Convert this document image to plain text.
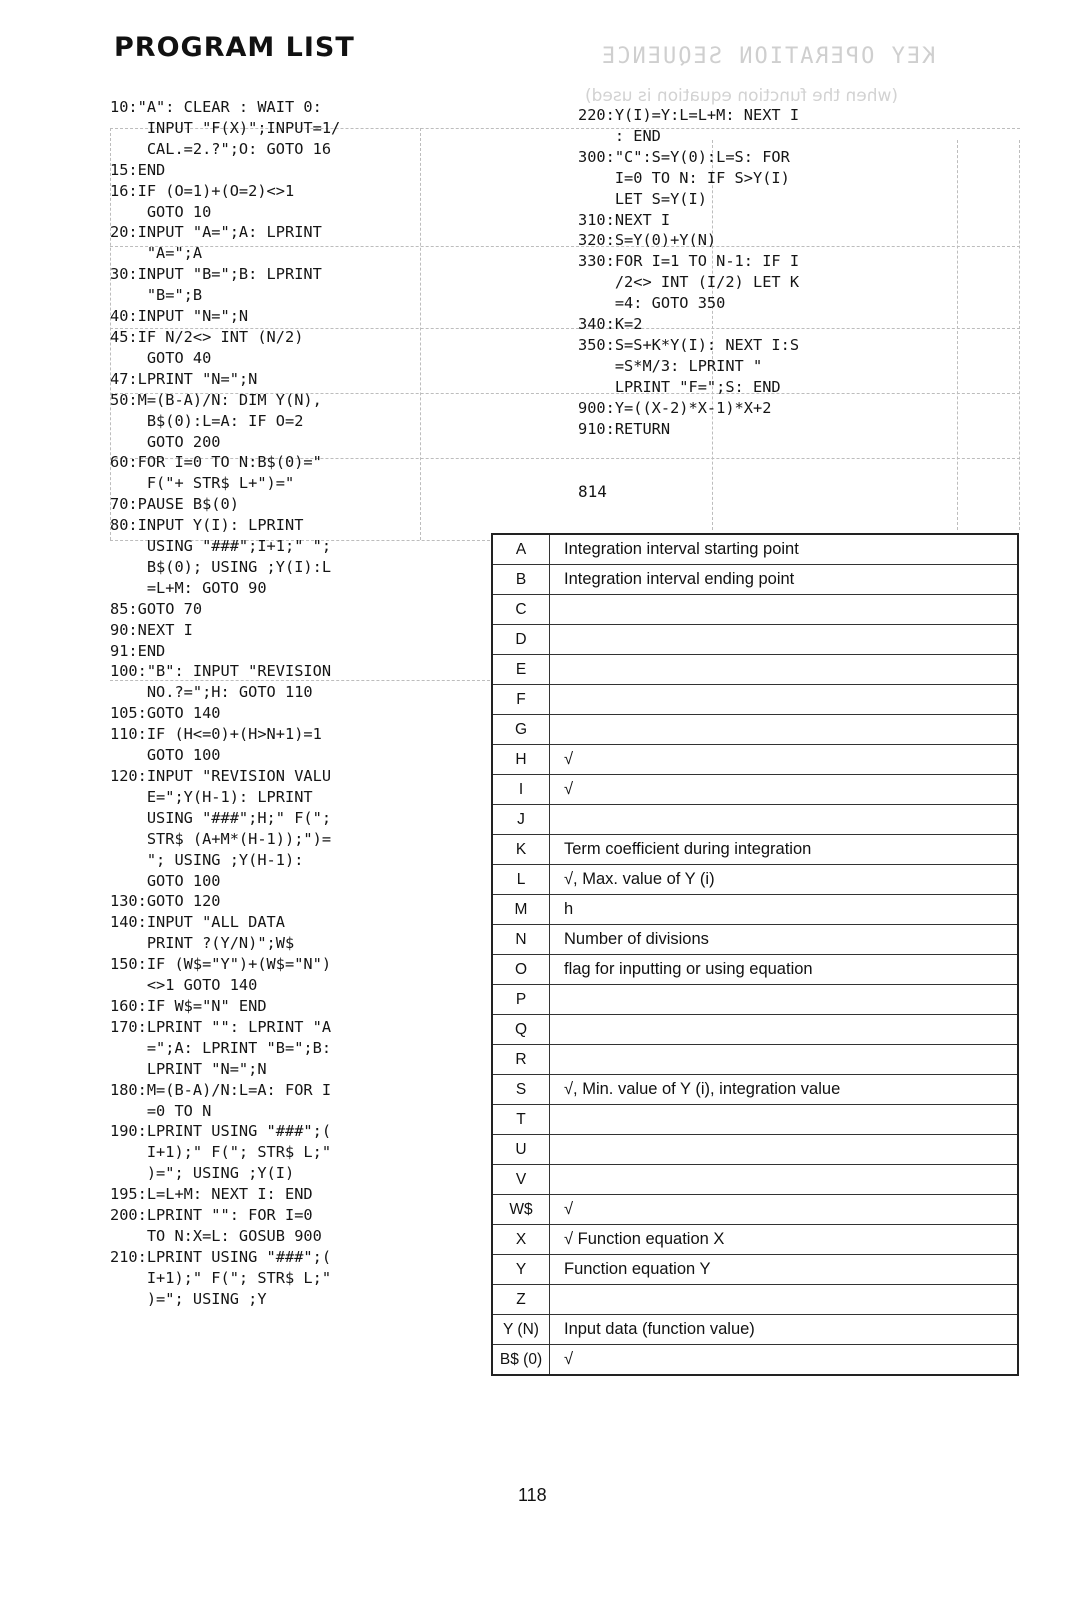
PROGRAM LIST	KEY OPERATION SEQUENCE
(when the function equation is used)
10:"A": CLEAR : WAIT 0:
INPUT "F(X)";INPUT=1/
CAL.=2.?";O: GOTO 16
15:END
16:IF (O=1)+(O=2)<>1
GOTO 10
20:INPUT "A=";A: LPRINT
"A=";A
30:INPUT "B=";B: LPRINT
"B=";B
40:INPUT "N=";N
45:IF N/2<> INT (N/2)
GOTO 40
47:LPRINT "N=";N
50:M=(B-A)/N: DIM Y(N),
B$(0):L=A: IF O=2
GOTO 200
60:FOR I=0 TO N:B$(0)="
F("+ STR$ L+")="
70:PAUSE B$(0)
80:INPUT Y(I): LPRINT
USING "###";I+1;" ";
B$(0); USING ;Y(I):L
=L+M: GOTO 90
85:GOTO 70
90:NEXT I
91:END
100:"B": INPUT "REVISION
NO.?=";H: GOTO 110
105:GOTO 140
110:IF (H<=0)+(H>N+1)=1
GOTO 100
120:INPUT "REVISION VALU
E=";Y(H-1): LPRINT
USING "###";H;" F(";
STR$ (A+M*(H-1));")=
"; USING ;Y(H-1):
GOTO 100
130:GOTO 120
140:INPUT "ALL DATA
PRINT ?(Y/N)";W$
150:IF (W$="Y")+(W$="N")
<>1 GOTO 140
160:IF W$="N" END
170:LPRINT "": LPRINT "A
=";A: LPRINT "B=";B:
LPRINT "N=";N
180:M=(B-A)/N:L=A: FOR I
=0 TO N
190:LPRINT USING "###";(
I+1);" F("; STR$ L;"
)="; USING ;Y(I)
195:L=L+M: NEXT I: END
200:LPRINT "": FOR I=0
TO N:X=L: GOSUB 900
210:LPRINT USING "###";(
I+1);" F("; STR$ L;"
)="; USING ;Y
220:Y(I)=Y:L=L+M: NEXT I
: END
300:"C":S=Y(0):L=S: FOR
I=0 TO N: IF S>Y(I)
LET S=Y(I)
310:NEXT I
320:S=Y(0)+Y(N)
330:FOR I=1 TO N-1: IF I
/2<> INT (I/2) LET K
=4: GOTO 350
340:K=2
350:S=S+K*Y(I): NEXT I:S
=S*M/3: LPRINT "
LPRINT "F=";S: END
900:Y=((X-2)*X-1)*X+2
910:RETURN
814
A	Integration interval starting point
B	Integration interval ending point
C	
D	
E	
F	
G	
H	√
I	√
J	
K	Term coefficient during integration
L	√, Max. value of Y (i)
M	h
N	Number of divisions
O	flag for inputting or using equation
P	
Q	
R	
S	√, Min. value of Y (i), integration value
T	
U	
V	
W$	√
X	√ Function equation X
Y	Function equation Y
Z	
Y (N)	Input data (function value)
B$ (0)	√
118
